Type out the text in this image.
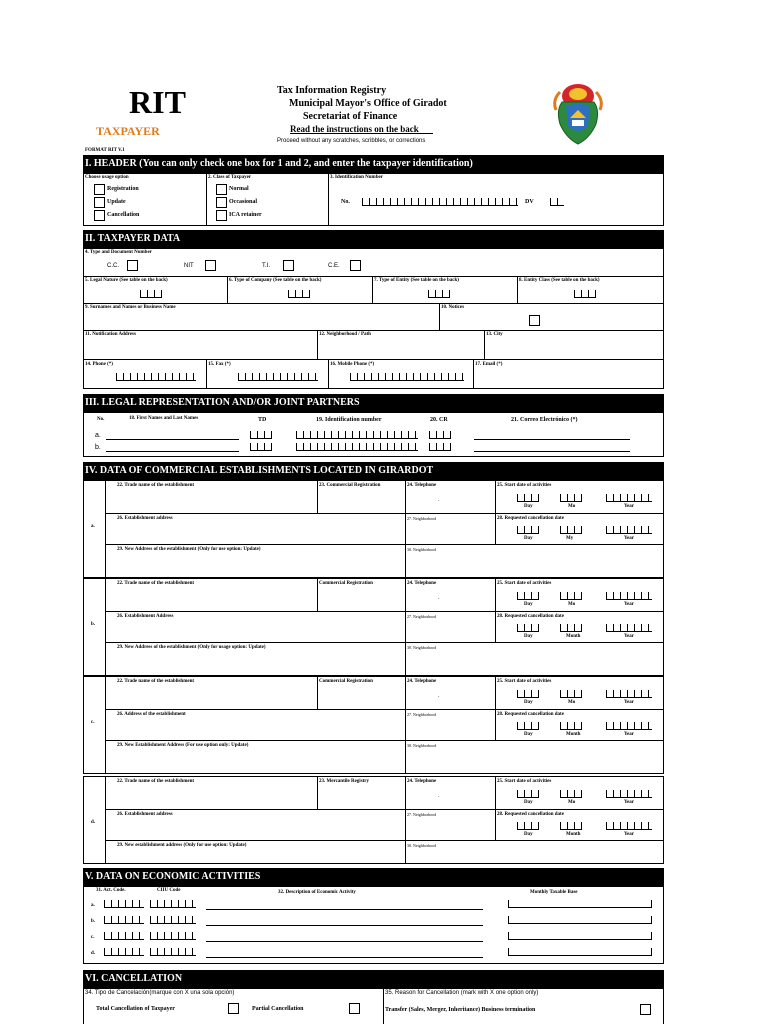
RIT
TAXPAYER
FORMAT RIT V.1
Tax Information Registry
Municipal Mayor's Office of Giradot
Secretariat of Finance
Read the instructions on the back
Proceed without any scratches, scribbles, or corrections
I. HEADER (You can only check one box for 1 and 2, and enter the taxpayer identification)
Choose usage option
Registration
Update
Cancellation
2. Class of Taxpayer
Normal
Occasional
ICA retainer
3. Identification Number
No.	DV
II. TAXPAYER DATA
4. Type and Document Number
C.C.	NIT	T.I.	C.E.
5. Legal Nature (See table on the back)	6. Type of Company (See table on the back)	7. Type of Entity (See table on the back)	8. Entity Class (See table on the back)
9. Surnames and Names or Business Name	10. Notices
11. Notification Address	12. Neighborhood / Path	13. City
14. Phone (*)	15. Fax (*)	16. Mobile Phone (*)	17. Email (*)
III. LEGAL REPRESENTATION AND/OR JOINT PARTNERS
No.	18. First Names and Last Names	TD	19. Identification number	20. CR	21. Correo Electrónico (*)
a.
b.
IV. DATA OF COMMERCIAL ESTABLISHMENTS LOCATED IN GIRARDOT
a.
22. Trade name of the establishment	23. Commercial Registration	24. Telephone
.
25. Start date of activities
Day	Mo	Year
26. Establishment address	27. Neighborhood	28. Requested cancellation date
Day	My	Year
29. New Address of the establishment (Only for use option: Update)	30. Neighborhood
b.
22. Trade name of the establishment	Commercial Registration	24. Telephone
.
25. Start date of activities
Day	Mo	Year
26. Establishment Address	27. Neighborhood	28. Requested cancellation date
Day	Month	Year
29. New Address of the establishment (Only for usage option: Update)	30. Neighborhood
c.
22. Trade name of the establishment	Commercial Registration	24. Telephone
.
25. Start date of activities
Day	Mo	Year
26. Address of the establishment	27. Neighborhood	28. Requested cancellation date
Day	Month	Year
29. New Establishment Address (For use option only: Update)	30. Neighborhood
d.
22. Trade name of the establishment	23. Mercantile Registry	24. Telephone
.
25. Start date of activities
Day	Mo	Year
26. Establishment address	27. Neighborhood	28. Requested cancellation date
Day	Month	Year
29. New establishment address (Only for use option: Update)	30. Neighborhood
V. DATA ON ECONOMIC ACTIVITIES
31. Act. Code.	CIIU Code	32. Description of Economic Activity	Monthly Taxable Base
a.
b.
c.
d.
VI. CANCELLATION
34. Tipo de Cancelación(marque con X una sola opción)	35. Reason for Cancellation (mark with X one option only)
Total Cancellation of Taxpayer	Partial Cancellation	Transfer (Sales, Merger, Inheritance) Business termination
